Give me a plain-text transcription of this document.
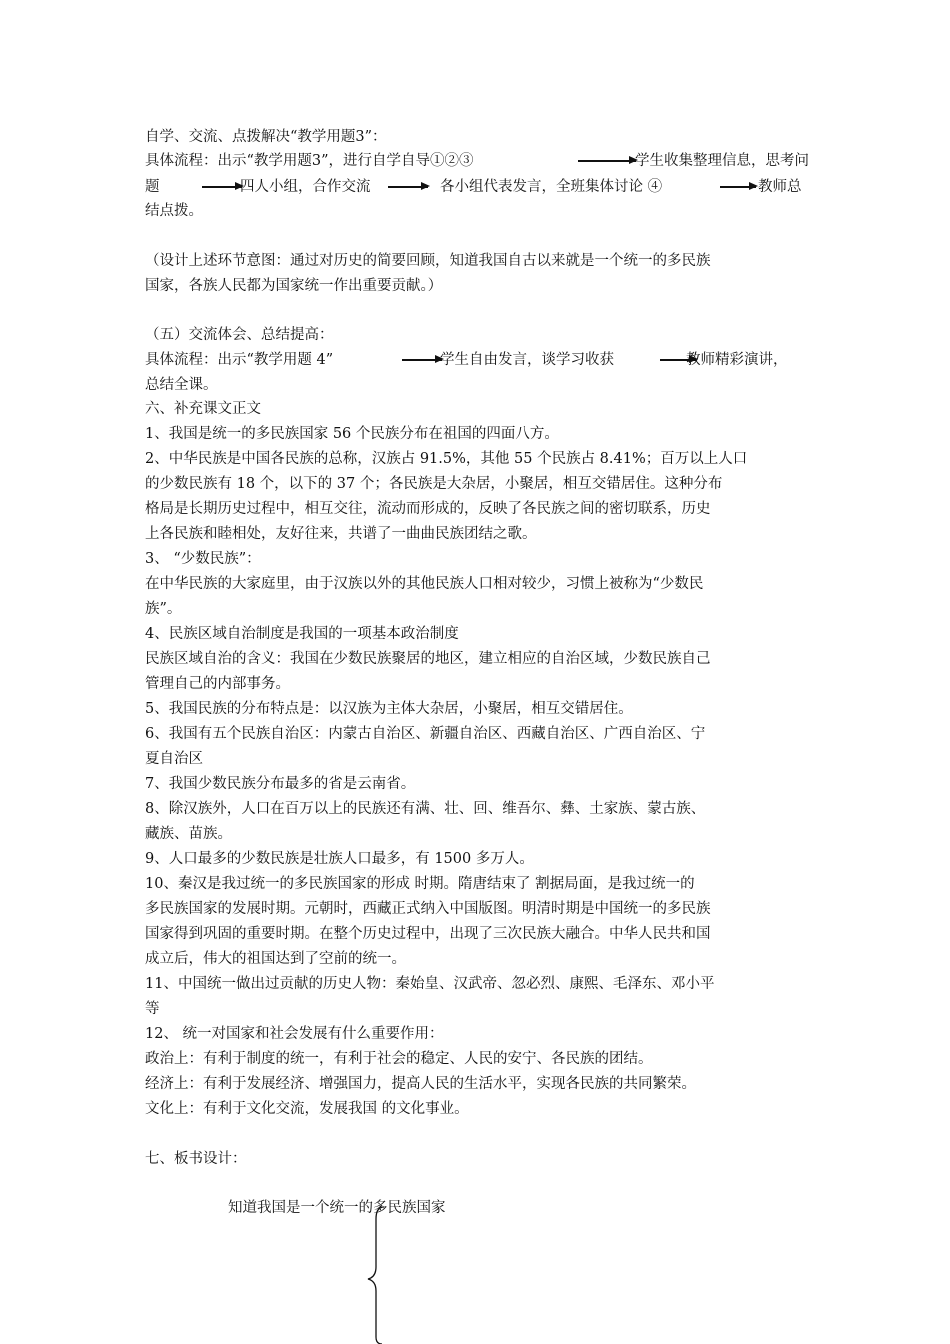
自学、交流、点拨解决“教学用题3”：
具体流程：出示“教学用题3”，进行自学自导①②③	学生收集整理信息，思考问
题	四人小组，合作交流	各小组代表发言，全班集体讨论 ④	教师总
结点拨。
（设计上述环节意图：通过对历史的简要回顾，知道我国自古以来就是一个统一的多民族
国家，各族人民都为国家统一作出重要贡献。）
（五）交流体会、总结提高：
具体流程：出示“教学用题 4”	学生自由发言，谈学习收获	教师精彩演讲，
总结全课。
六、补充课文正文
1、我国是统一的多民族国家 56 个民族分布在祖国的四面八方。
2、中华民族是中国各民族的总称，汉族占 91.5%，其他 55 个民族占 8.41%；百万以上人口
的少数民族有 18 个，以下的 37 个；各民族是大杂居，小聚居，相互交错居住。这种分布
格局是长期历史过程中，相互交往，流动而形成的，反映了各民族之间的密切联系，历史
上各民族和睦相处，友好往来，共谱了一曲曲民族团结之歌。
3、 “少数民族”：
在中华民族的大家庭里，由于汉族以外的其他民族人口相对较少，习惯上被称为“少数民
族”。
4、民族区域自治制度是我国的一项基本政治制度
民族区域自治的含义：我国在少数民族聚居的地区，建立相应的自治区域，少数民族自己
管理自己的内部事务。
5、我国民族的分布特点是：以汉族为主体大杂居，小聚居，相互交错居住。
6、我国有五个民族自治区：内蒙古自治区、新疆自治区、西藏自治区、广西自治区、宁
夏自治区
7、我国少数民族分布最多的省是云南省。
8、除汉族外，人口在百万以上的民族还有满、壮、回、维吾尔、彝、土家族、蒙古族、
藏族、苗族。
9、人口最多的少数民族是壮族人口最多，有 1500 多万人。
10、秦汉是我过统一的多民族国家的形成 时期。隋唐结束了 割据局面，是我过统一的
多民族国家的发展时期。元朝时，西藏正式纳入中国版图。明清时期是中国统一的多民族
国家得到巩固的重要时期。在整个历史过程中，出现了三次民族大融合。中华人民共和国
成立后，伟大的祖国达到了空前的统一。
11、中国统一做出过贡献的历史人物：秦始皇、汉武帝、忽必烈、康熙、毛泽东、邓小平
等
12、 统一对国家和社会发展有什么重要作用：
政治上：有利于制度的统一，有利于社会的稳定、人民的安宁、各民族的团结。
经济上：有利于发展经济、增强国力，提高人民的生活水平，实现各民族的共同繁荣。
文化上：有利于文化交流，发展我国 的文化事业。
七、板书设计：
知道我国是一个统一的多民族国家
